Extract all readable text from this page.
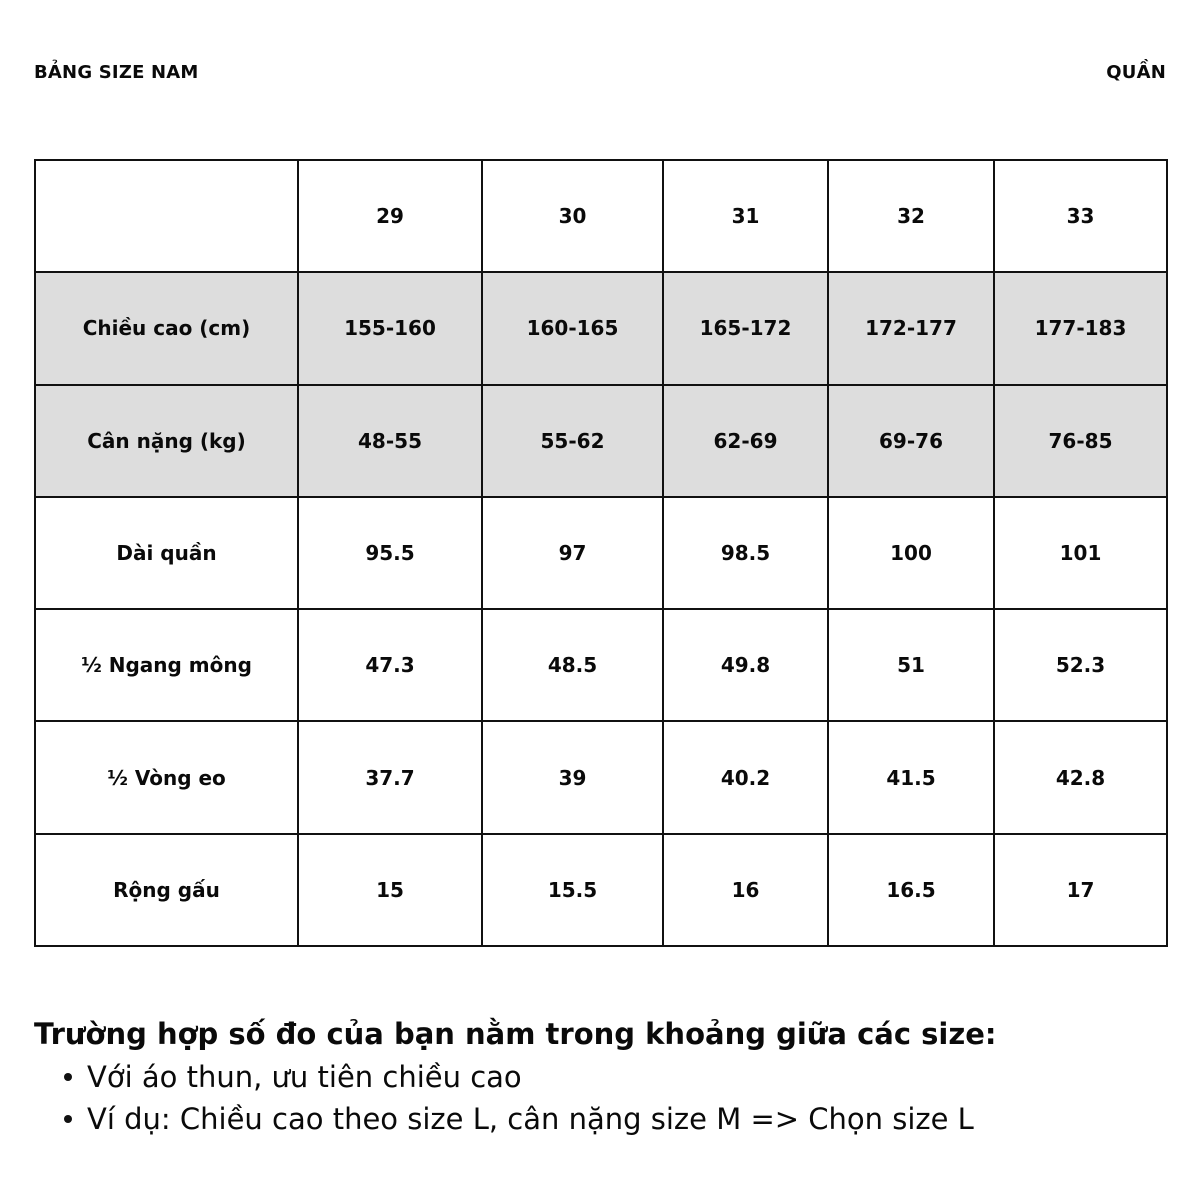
BẢNG SIZE NAM	QUẦN
	29	30	31	32	33
Chiều cao (cm)	155-160	160-165	165-172	172-177	177-183
Cân nặng (kg)	48-55	55-62	62-69	69-76	76-85
Dài quần	95.5	97	98.5	100	101
½ Ngang mông	47.3	48.5	49.8	51	52.3
½ Vòng eo	37.7	39	40.2	41.5	42.8
Rộng gấu	15	15.5	16	16.5	17
Trường hợp số đo của bạn nằm trong khoảng giữa các size:
Với áo thun, ưu tiên chiều cao
Ví dụ: Chiều cao theo size L, cân nặng size M => Chọn size L
